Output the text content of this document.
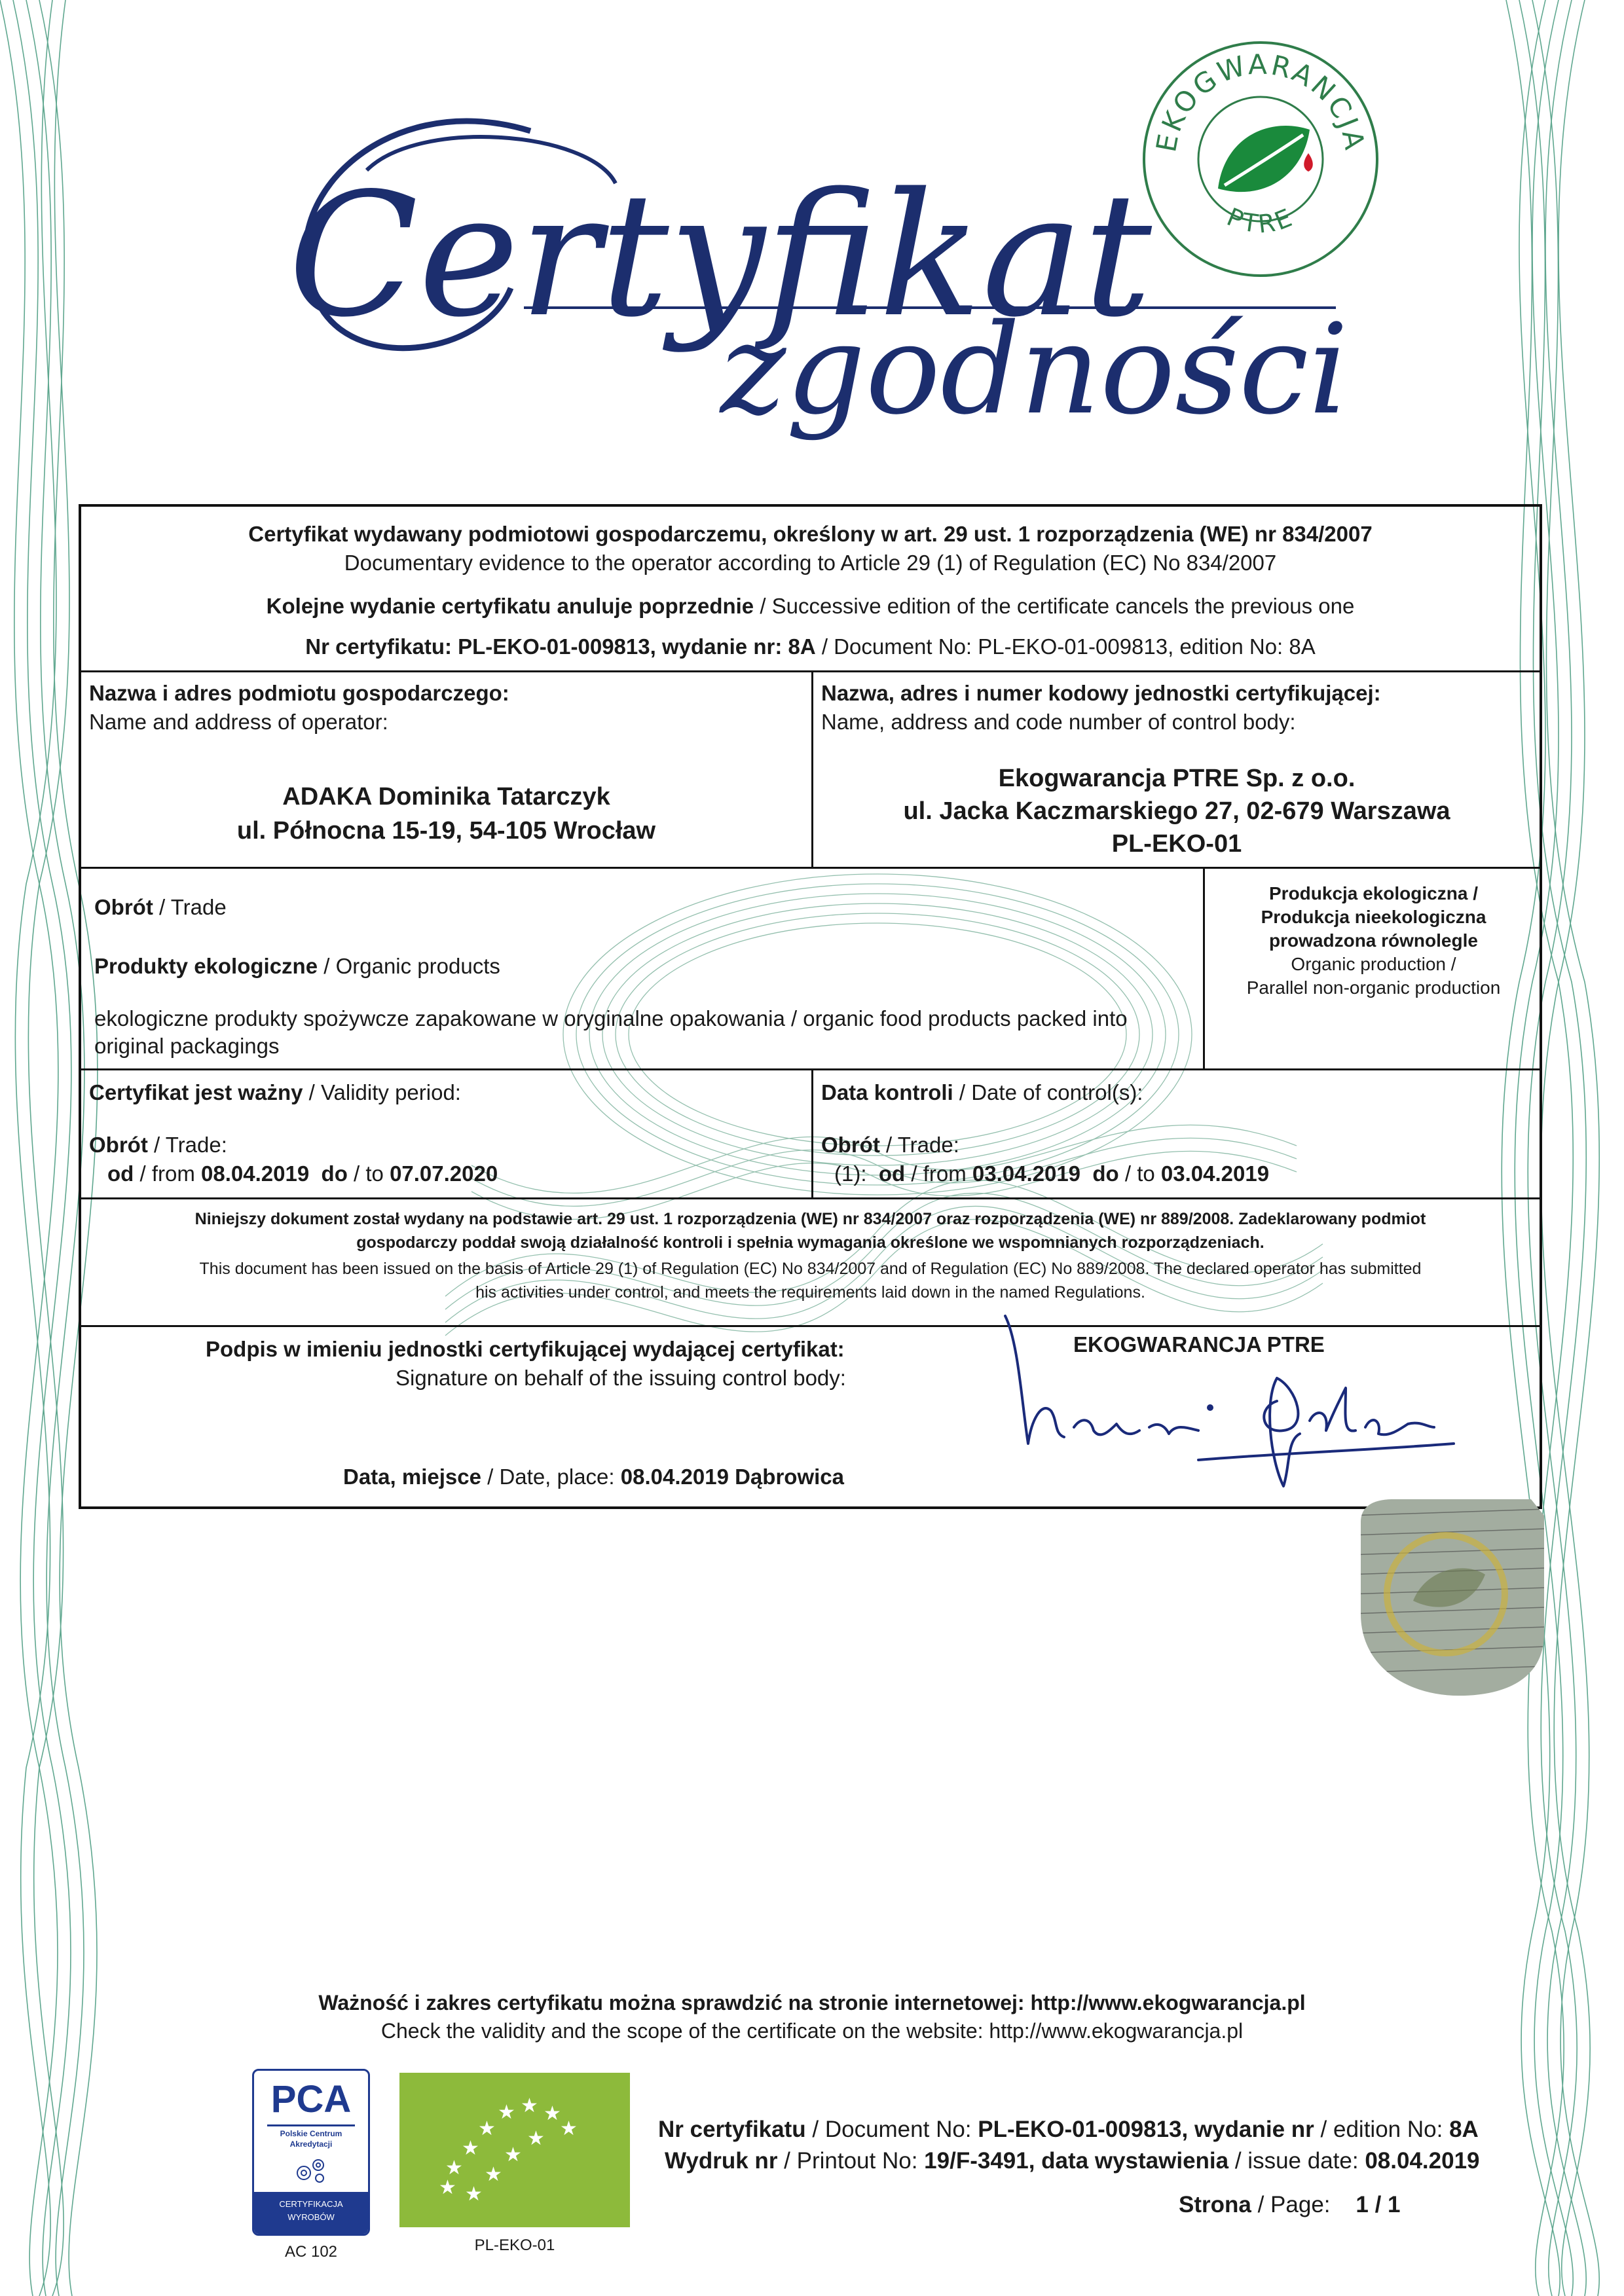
Certyfikat
zgodności
EKOGWARANCJA
PTRE
Certyfikat wydawany podmiotowi gospodarczemu, określony w art. 29 ust. 1 rozporządzenia (WE) nr 834/2007
Documentary evidence to the operator according to Article 29 (1) of Regulation (EC) No 834/2007
Kolejne wydanie certyfikatu anuluje poprzednie / Successive edition of the certificate cancels the previous one
Nr certyfikatu: PL-EKO-01-009813, wydanie nr: 8A / Document No: PL-EKO-01-009813, edition No: 8A
Nazwa i adres podmiotu gospodarczego:
Name and address of operator:
ADAKA Dominika Tatarczyk
ul. Północna 15-19, 54-105 Wrocław
Nazwa, adres i numer kodowy jednostki certyfikującej:
Name, address and code number of control body:
Ekogwarancja PTRE Sp. z o.o.
ul. Jacka Kaczmarskiego 27, 02-679 Warszawa
PL-EKO-01
Obrót / Trade
Produkty ekologiczne / Organic products
ekologiczne produkty spożywcze zapakowane w oryginalne opakowania / organic food products packed into
original packagings
Produkcja ekologiczna /
Produkcja nieekologiczna
prowadzona równolegle
Organic production /
Parallel non-organic production
Certyfikat jest ważny / Validity period:
Obrót / Trade:
od / from 08.04.2019 do / to 07.07.2020
Data kontroli / Date of control(s):
Obrót / Trade:
(1): od / from 03.04.2019 do / to 03.04.2019
Niniejszy dokument został wydany na podstawie art. 29 ust. 1 rozporządzenia (WE) nr 834/2007 oraz rozporządzenia (WE) nr 889/2008. Zadeklarowany podmiot
gospodarczy poddał swoją działalność kontroli i spełnia wymagania określone we wspomnianych rozporządzeniach.
This document has been issued on the basis of Article 29 (1) of Regulation (EC) No 834/2007 and of Regulation (EC) No 889/2008. The declared operator has submitted
his activities under control, and meets the requirements laid down in the named Regulations.
Podpis w imieniu jednostki certyfikującej wydającej certyfikat:
Signature on behalf of the issuing control body:
EKOGWARANCJA PTRE
Data, miejsce / Date, place: 08.04.2019 Dąbrowica
Ważność i zakres certyfikatu można sprawdzić na stronie internetowej: http://www.ekogwarancja.pl
Check the validity and the scope of the certificate on the website: http://www.ekogwarancja.pl
PCA
Polskie Centrum
Akredytacji
CERTYFIKACJA
WYROBÓW
AC 102
★ ★ ★
★
★
★
★
★
★
★
★
★
PL-EKO-01
Nr certyfikatu / Document No: PL-EKO-01-009813, wydanie nr / edition No: 8A
Wydruk nr / Printout No: 19/F-3491, data wystawienia / issue date: 08.04.2019
Strona / Page: 1 / 1
